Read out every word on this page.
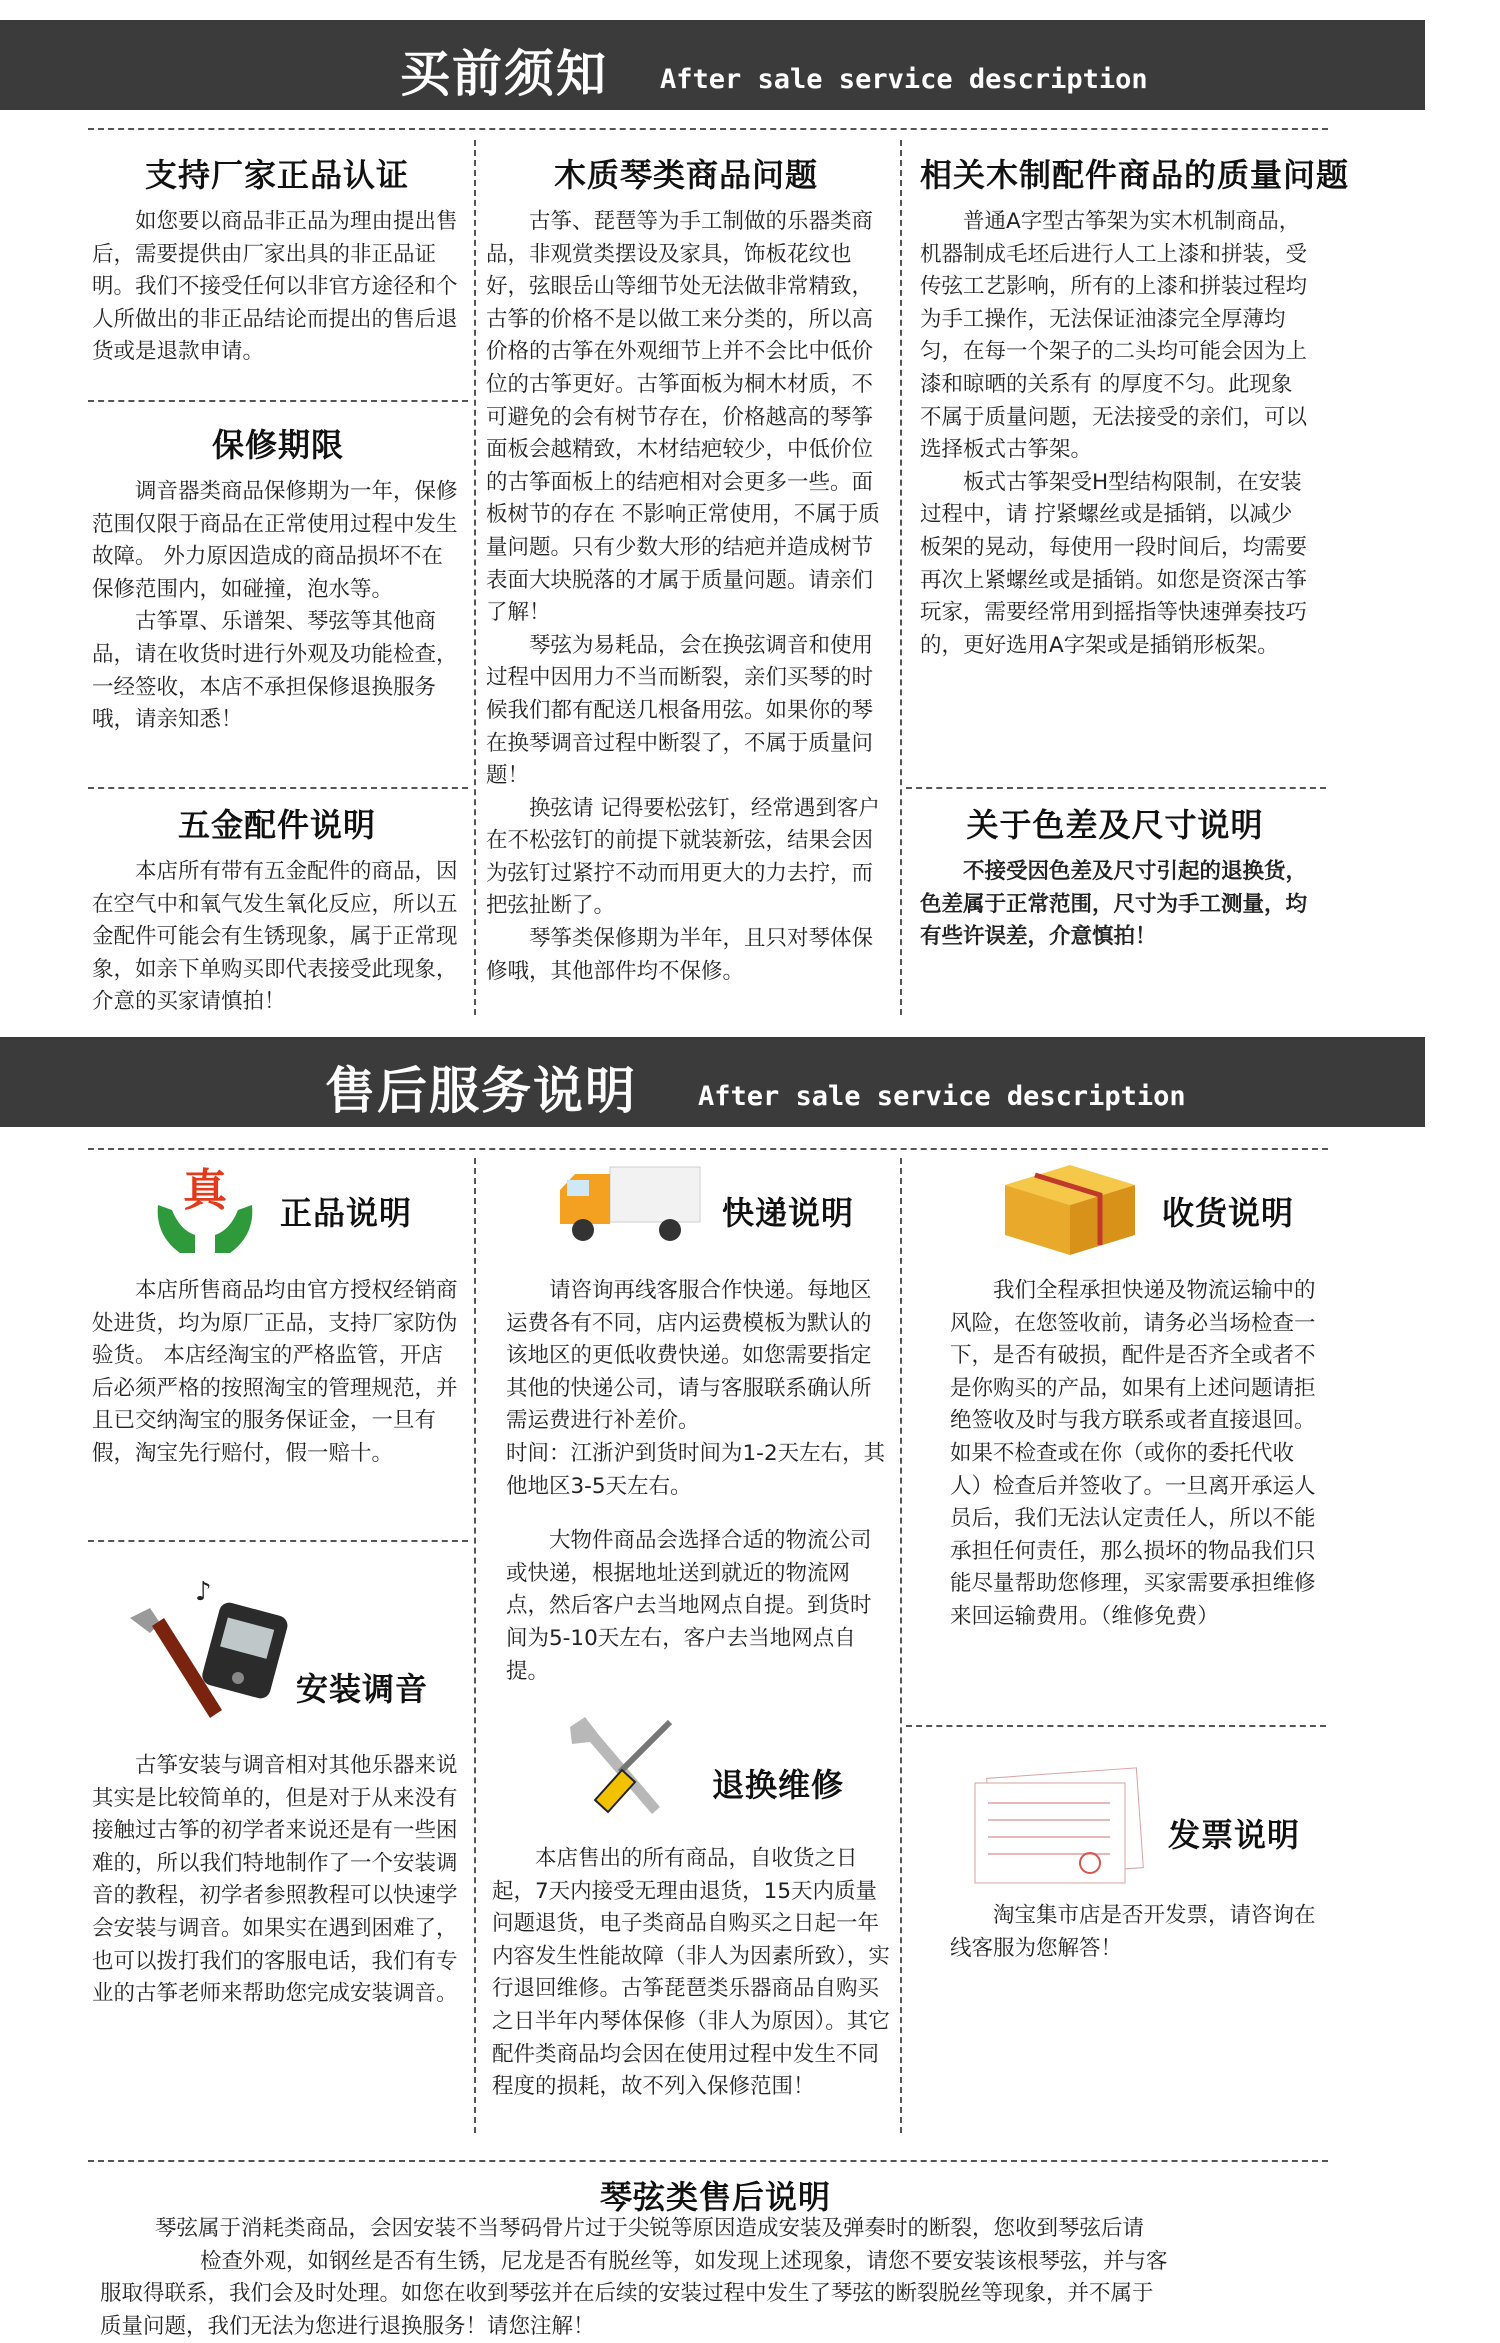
买前须知 After sale service description
支持厂家正品认证

如您要以商品非正品为理由提出售后，需要提供由厂家出具的非正品证明。我们不接受任何以非官方途径和个人所做出的非正品结论而提出的售后退货或是退款申请。

保修期限

调音器类商品保修期为一年，保修范围仅限于商品在正常使用过程中发生故障。 外力原因造成的商品损坏不在保修范围内，如碰撞，泡水等。

古筝罩、乐谱架、琴弦等其他商品，请在收货时进行外观及功能检查，一经签收，本店不承担保修退换服务哦，请亲知悉！

五金配件说明

本店所有带有五金配件的商品，因在空气中和氧气发生氧化反应，所以五金配件可能会有生锈现象，属于正常现象，如亲下单购买即代表接受此现象，介意的买家请慎拍！

木质琴类商品问题

古筝、琵琶等为手工制做的乐器类商品，非观赏类摆设及家具，饰板花纹也好，弦眼岳山等细节处无法做非常精致，古筝的价格不是以做工来分类的，所以高价格的古筝在外观细节上并不会比中低价位的古筝更好。古筝面板为桐木材质，不可避免的会有树节存在，价格越高的琴筝面板会越精致，木材结疤较少，中低价位的古筝面板上的结疤相对会更多一些。面板树节的存在 不影响正常使用，不属于质量问题。只有少数大形的结疤并造成树节表面大块脱落的才属于质量问题。请亲们了解！

琴弦为易耗品，会在换弦调音和使用过程中因用力不当而断裂，亲们买琴的时候我们都有配送几根备用弦。如果你的琴在换琴调音过程中断裂了，不属于质量问题！

换弦请 记得要松弦钉，经常遇到客户在不松弦钉的前提下就装新弦，结果会因为弦钉过紧拧不动而用更大的力去拧，而把弦扯断了。

琴筝类保修期为半年，且只对琴体保修哦，其他部件均不保修。

相关木制配件商品的质量问题

普通A字型古筝架为实木机制商品，机器制成毛坯后进行人工上漆和拼装，受传弦工艺影响，所有的上漆和拼装过程均为手工操作，无法保证油漆完全厚薄均匀，在每一个架子的二头均可能会因为上漆和晾晒的关系有 的厚度不匀。此现象不属于质量问题，无法接受的亲们，可以选择板式古筝架。

板式古筝架受H型结构限制，在安装过程中，请 拧紧螺丝或是插销，以减少板架的晃动，每使用一段时间后，均需要再次上紧螺丝或是插销。如您是资深古筝玩家，需要经常用到摇指等快速弹奏技巧的，更好选用A字架或是插销形板架。

关于色差及尺寸说明

不接受因色差及尺寸引起的退换货，色差属于正常范围，尺寸为手工测量，均有些许误差，介意慎拍！

售后服务说明 After sale service description
真 正品说明

本店所售商品均由官方授权经销商处进货，均为原厂正品，支持厂家防伪验货。 本店经淘宝的严格监管，开店后必须严格的按照淘宝的管理规范，并且已交纳淘宝的服务保证金，一旦有假，淘宝先行赔付，假一赔十。

♪
安装调音

古筝安装与调音相对其他乐器来说其实是比较简单的，但是对于从来没有接触过古筝的初学者来说还是有一些困难的，所以我们特地制作了一个安装调音的教程，初学者参照教程可以快速学会安装与调音。如果实在遇到困难了，也可以拨打我们的客服电话，我们有专业的古筝老师来帮助您完成安装调音。

快递说明

请咨询再线客服合作快递。每地区运费各有不同，店内运费模板为默认的该地区的更低收费快递。如您需要指定其他的快递公司，请与客服联系确认所需运费进行补差价。

时间：江浙沪到货时间为1-2天左右，其他地区3-5天左右。

大物件商品会选择合适的物流公司或快递，根据地址送到就近的物流网点，然后客户去当地网点自提。到货时间为5-10天左右，客户去当地网点自提。

退换维修

本店售出的所有商品，自收货之日起，7天内接受无理由退货，15天内质量问题退货，电子类商品自购买之日起一年内容发生性能故障（非人为因素所致），实行退回维修。古筝琵琶类乐器商品自购买之日半年内琴体保修（非人为原因）。其它配件类商品均会因在使用过程中发生不同程度的损耗，故不列入保修范围！

收货说明

我们全程承担快递及物流运输中的风险，在您签收前，请务必当场检查一下，是否有破损，配件是否齐全或者不是你购买的产品，如果有上述问题请拒绝签收及时与我方联系或者直接退回。如果不检查或在你（或你的委托代收人）检查后并签收了。一旦离开承运人员后，我们无法认定责任人，所以不能承担任何责任，那么损坏的物品我们只能尽量帮助您修理，买家需要承担维修来回运输费用。（维修免费）

发票说明

淘宝集市店是否开发票，请咨询在线客服为您解答！

琴弦类售后说明
琴弦属于消耗类商品，会因安装不当琴码骨片过于尖锐等原因造成安装及弹奏时的断裂，您收到琴弦后请
检查外观，如钢丝是否有生锈，尼龙是否有脱丝等，如发现上述现象，请您不要安装该根琴弦，并与客
服取得联系，我们会及时处理。如您在收到琴弦并在后续的安装过程中发生了琴弦的断裂脱丝等现象，并不属于
质量问题，我们无法为您进行退换服务！请您注解！
